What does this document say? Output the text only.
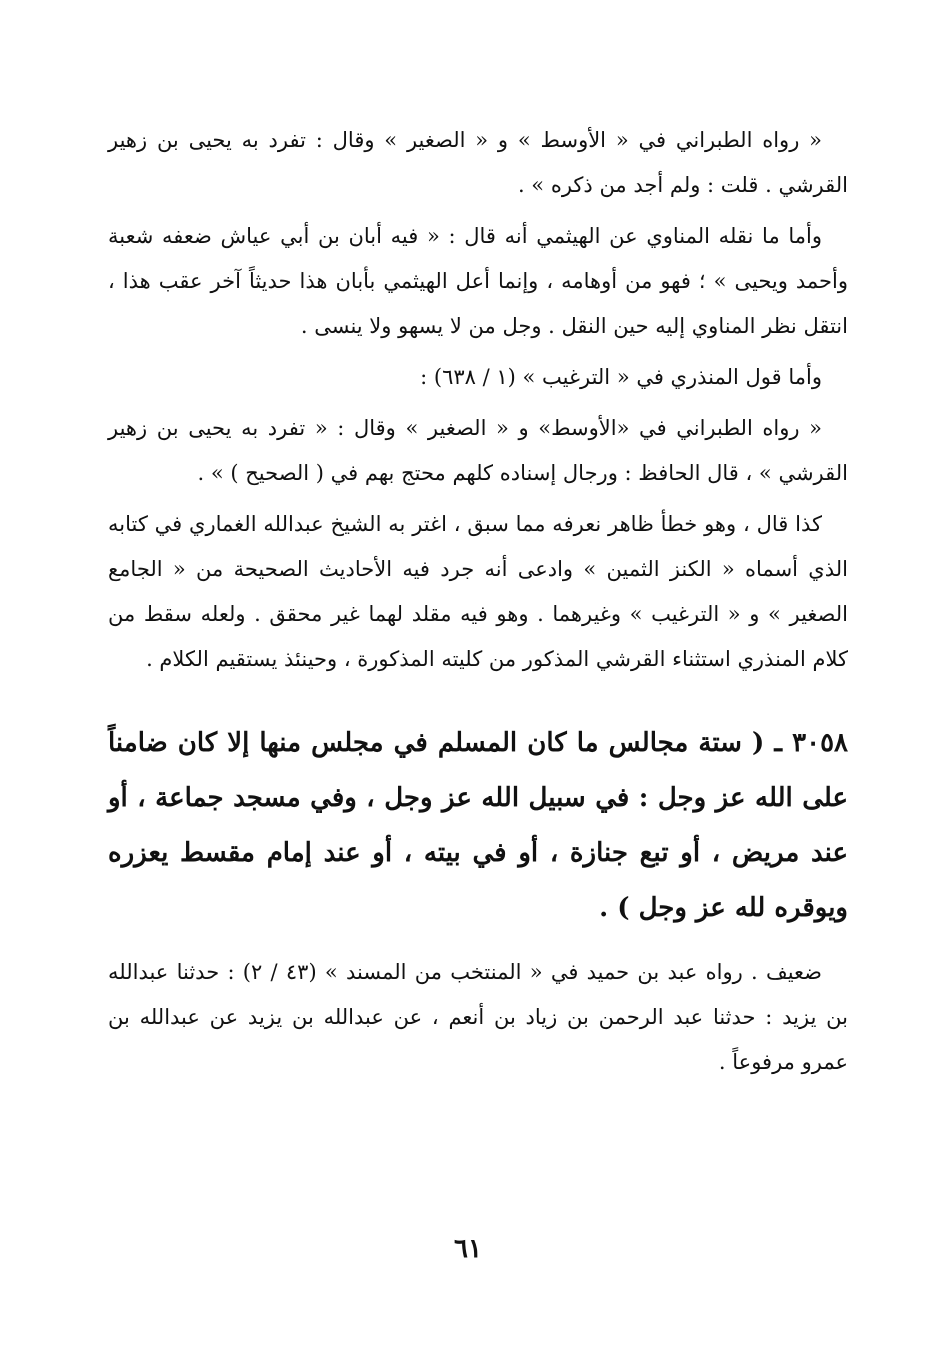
« رواه الطبراني في « الأوسط » و « الصغير » وقال : تفرد به يحيى بن زهير القرشي . قلت : ولم أجد من ذكره » .

وأما ما نقله المناوي عن الهيثمي أنه قال : « فيه أبان بن أبي عياش ضعفه شعبة وأحمد ويحيى » ؛ فهو من أوهامه ، وإنما أعل الهيثمي بأبان هذا حديثاً آخر عقب هذا ، انتقل نظر المناوي إليه حين النقل . وجل من لا يسهو ولا ينسى .

وأما قول المنذري في « الترغيب » (١ / ٦٣٨) :

« رواه الطبراني في «الأوسط» و « الصغير » وقال : « تفرد به يحيى بن زهير القرشي » ، قال الحافظ : ورجال إسناده كلهم محتج بهم في ( الصحيح ) » .

كذا قال ، وهو خطأ ظاهر نعرفه مما سبق ، اغتر به الشيخ عبدالله الغماري في كتابه الذي أسماه « الكنز الثمين » وادعى أنه جرد فيه الأحاديث الصحيحة من « الجامع الصغير » و « الترغيب » وغيرهما . وهو فيه مقلد لهما غير محقق . ولعله سقط من كلام المنذري استثناء القرشي المذكور من كليته المذكورة ، وحينئذ يستقيم الكلام .

٣٠٥٨ ـ ( ستة مجالس ما كان المسلم في مجلس منها إلا كان ضامناً على الله عز وجل : في سبيل الله عز وجل ، وفي مسجد جماعة ، أو عند مريض ، أو تبع جنازة ، أو في بيته ، أو عند إمام مقسط يعزره ويوقره لله عز وجل ) .

ضعيف . رواه عبد بن حميد في « المنتخب من المسند » (٤٣ / ٢) : حدثنا عبدالله بن يزيد : حدثنا عبد الرحمن بن زياد بن أنعم ، عن عبدالله بن يزيد عن عبدالله بن عمرو مرفوعاً .

٦١
